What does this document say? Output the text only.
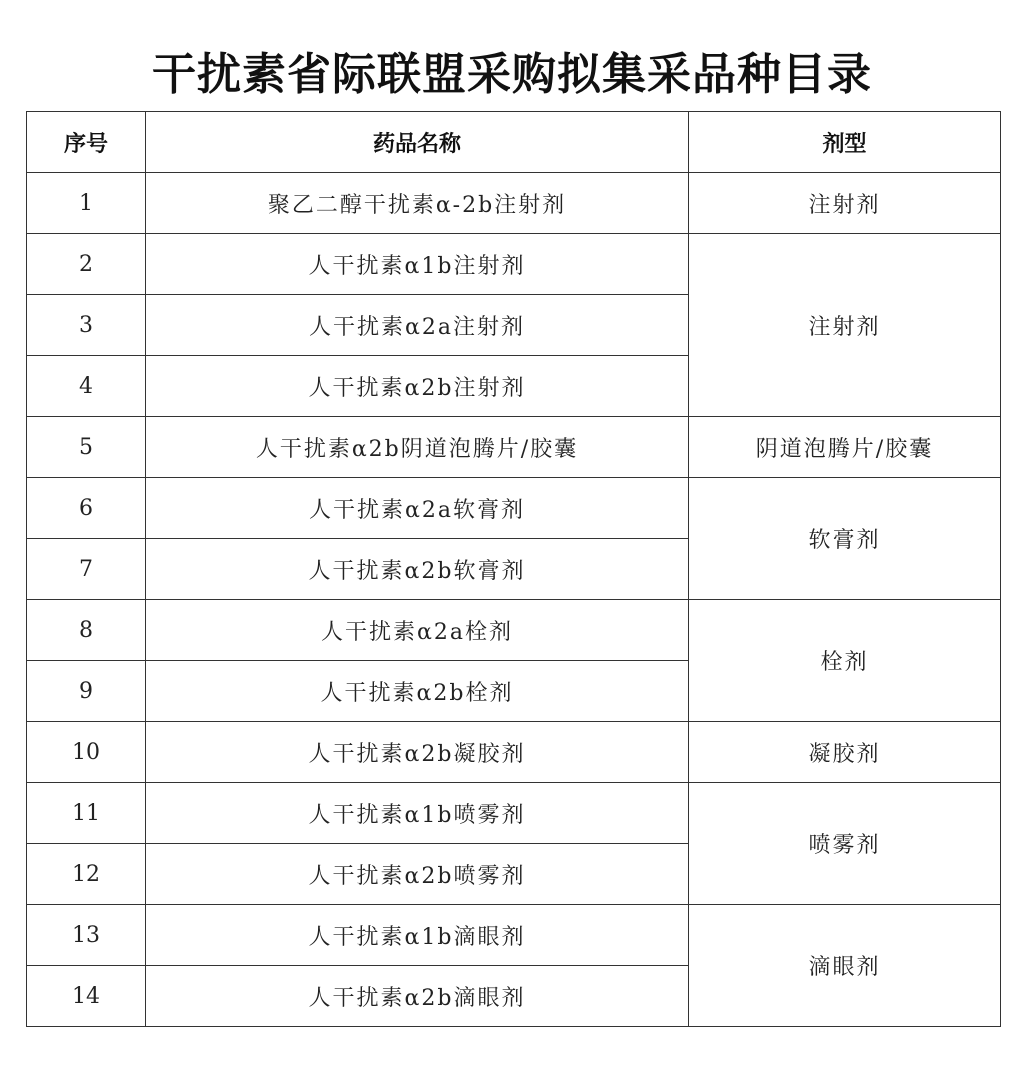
干扰素省际联盟采购拟集采品种目录
序号	药品名称	剂型
1	聚乙二醇干扰素α-2b注射剂	注射剂
2	人干扰素α1b注射剂	注射剂
3	人干扰素α2a注射剂	
4	人干扰素α2b注射剂	
5	人干扰素α2b阴道泡腾片/胶囊	阴道泡腾片/胶囊
6	人干扰素α2a软膏剂	软膏剂
7	人干扰素α2b软膏剂	
8	人干扰素α2a栓剂	栓剂
9	人干扰素α2b栓剂	
10	人干扰素α2b凝胶剂	凝胶剂
11	人干扰素α1b喷雾剂	喷雾剂
12	人干扰素α2b喷雾剂	
13	人干扰素α1b滴眼剂	滴眼剂
14	人干扰素α2b滴眼剂	
